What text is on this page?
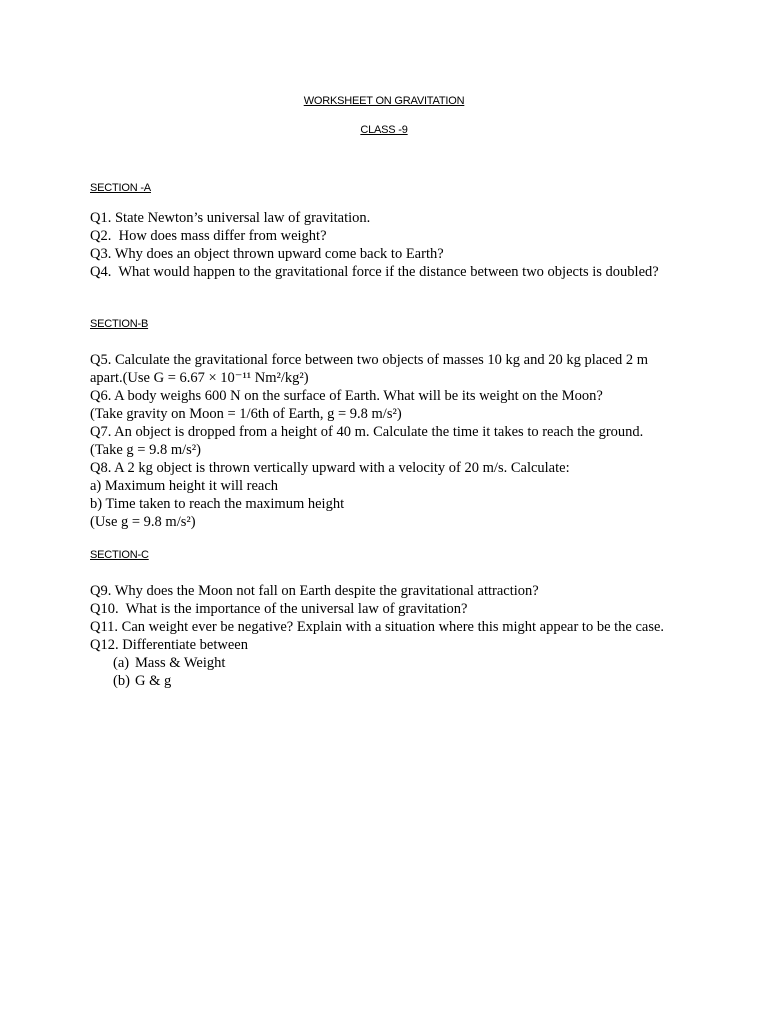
WORKSHEET ON GRAVITATION
CLASS -9
SECTION -A
Q1. State Newton’s universal law of gravitation.
Q2.  How does mass differ from weight?
Q3. Why does an object thrown upward come back to Earth?
Q4.  What would happen to the gravitational force if the distance between two objects is doubled?
SECTION-B
Q5. Calculate the gravitational force between two objects of masses 10 kg and 20 kg placed 2 m apart.(Use G = 6.67 × 10⁻¹¹ Nm²/kg²)
Q6. A body weighs 600 N on the surface of Earth. What will be its weight on the Moon?
(Take gravity on Moon = 1/6th of Earth, g = 9.8 m/s²)
Q7. An object is dropped from a height of 40 m. Calculate the time it takes to reach the ground.
(Take g = 9.8 m/s²)
Q8. A 2 kg object is thrown vertically upward with a velocity of 20 m/s. Calculate:
a) Maximum height it will reach
b) Time taken to reach the maximum height
(Use g = 9.8 m/s²)
SECTION-C
Q9. Why does the Moon not fall on Earth despite the gravitational attraction?
Q10.  What is the importance of the universal law of gravitation?
Q11. Can weight ever be negative? Explain with a situation where this might appear to be the case.
Q12. Differentiate between
(a) Mass & Weight
(b) G & g
